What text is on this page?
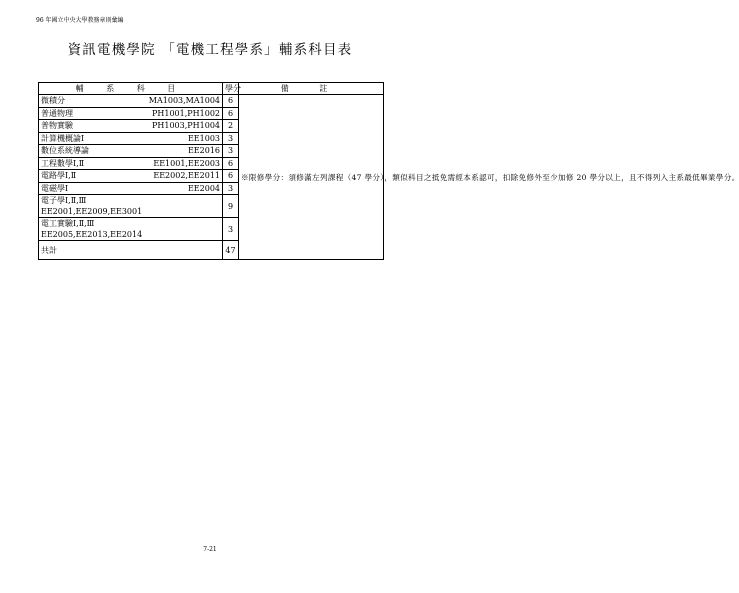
96 年國立中央大學教務章則彙編
資訊電機學院 「電機工程學系」輔系科目表
輔 系 科 目	學分	備 註

微積分 MA1003,MA1004	6	※限修學分：須修滿左列課程（47 學分），類似科目之抵免需經本系認可，扣除免修外至少加修 20 學分以上，且不得列入主系最低畢業學分。

普通物理 PH1001,PH1002	6	

普物實驗 PH1003,PH1004	2	

計算機概論Ⅰ EE1003	3	

數位系統導論 EE2016	3	

工程數學Ⅰ,Ⅱ EE1001,EE2003	6	

電路學Ⅰ,Ⅱ EE2002,EE2011	6	

電磁學Ⅰ EE2004	3	

電子學Ⅰ,Ⅱ,Ⅲ
EE2001,EE2009,EE3001	9	

電工實驗Ⅰ,Ⅱ,Ⅲ
EE2005,EE2013,EE2014	3	
共計	47	
7-21
